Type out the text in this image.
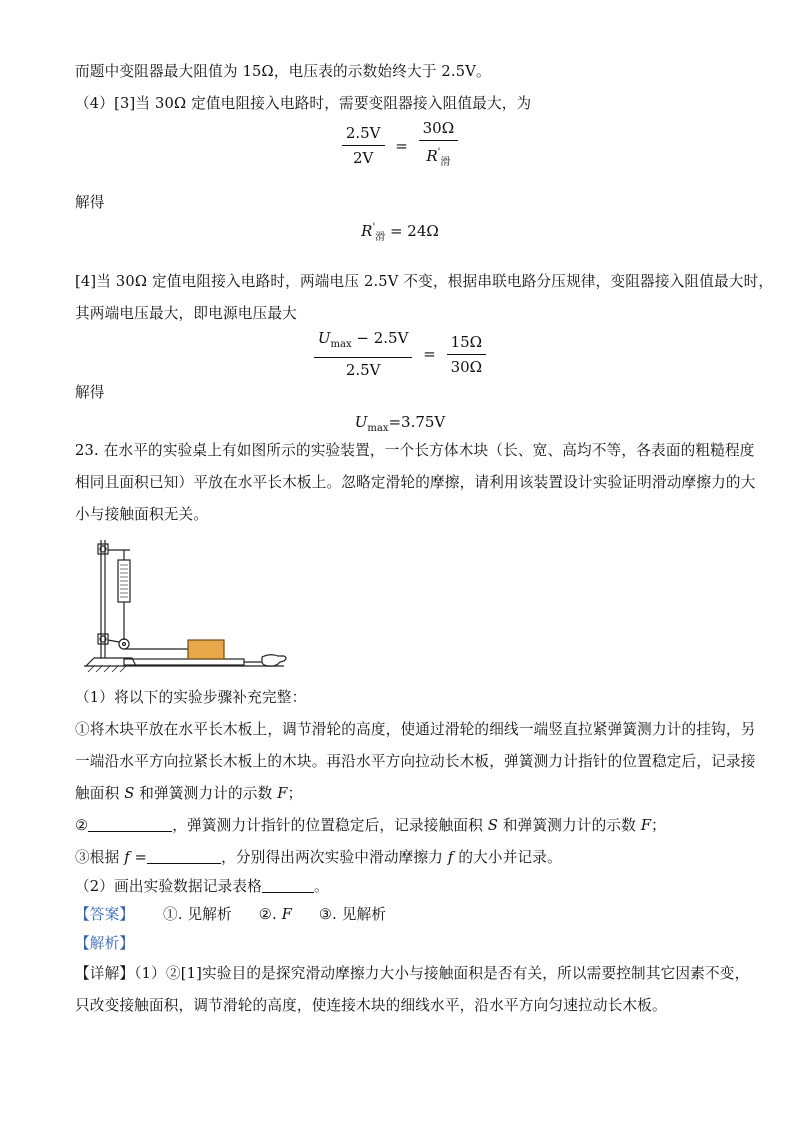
而题中变阻器最大阻值为 15Ω，电压表的示数始终大于 2.5V。
（4）[3]当 30Ω 定值电阻接入电路时，需要变阻器接入阻值最大，为
$\frac{2.5V}{2V} = \frac{30\Omega}{R'_滑}$
解得
$R'_滑 = 24\Omega$
[4]当 30Ω 定值电阻接入电路时，两端电压 2.5V 不变，根据串联电路分压规律，变阻器接入阻值最大时，
其两端电压最大，即电源电压最大
$\frac{U_{max} - 2.5V}{2.5V} = \frac{15\Omega}{30\Omega}$
解得
$U_{max}=3.75V$
23. 在水平的实验桌上有如图所示的实验装置，一个长方体木块（长、宽、高均不等，各表面的粗糙程度
相同且面积已知）平放在水平长木板上。忽略定滑轮的摩擦，请利用该装置设计实验证明滑动摩擦力的大
小与接触面积无关。
（1）将以下的实验步骤补充完整：
①将木块平放在水平长木板上，调节滑轮的高度，使通过滑轮的细线一端竖直拉紧弹簧测力计的挂钩，另
一端沿水平方向拉紧长木板上的木块。再沿水平方向拉动长木板，弹簧测力计指针的位置稳定后，记录接
触面积 S 和弹簧测力计的示数 F；
②	，弹簧测力计指针的位置稳定后，记录接触面积 S 和弹簧测力计的示数 F；
③根据 f =	，分别得出两次实验中滑动摩擦力 f 的大小并记录。
（2）画出实验数据记录表格	。
【答案】 ①. 见解析 ②. F ③. 见解析
【解析】
【详解】（1）②[1]实验目的是探究滑动摩擦力大小与接触面积是否有关，所以需要控制其它因素不变，
只改变接触面积，调节滑轮的高度，使连接木块的细线水平，沿水平方向匀速拉动长木板。
